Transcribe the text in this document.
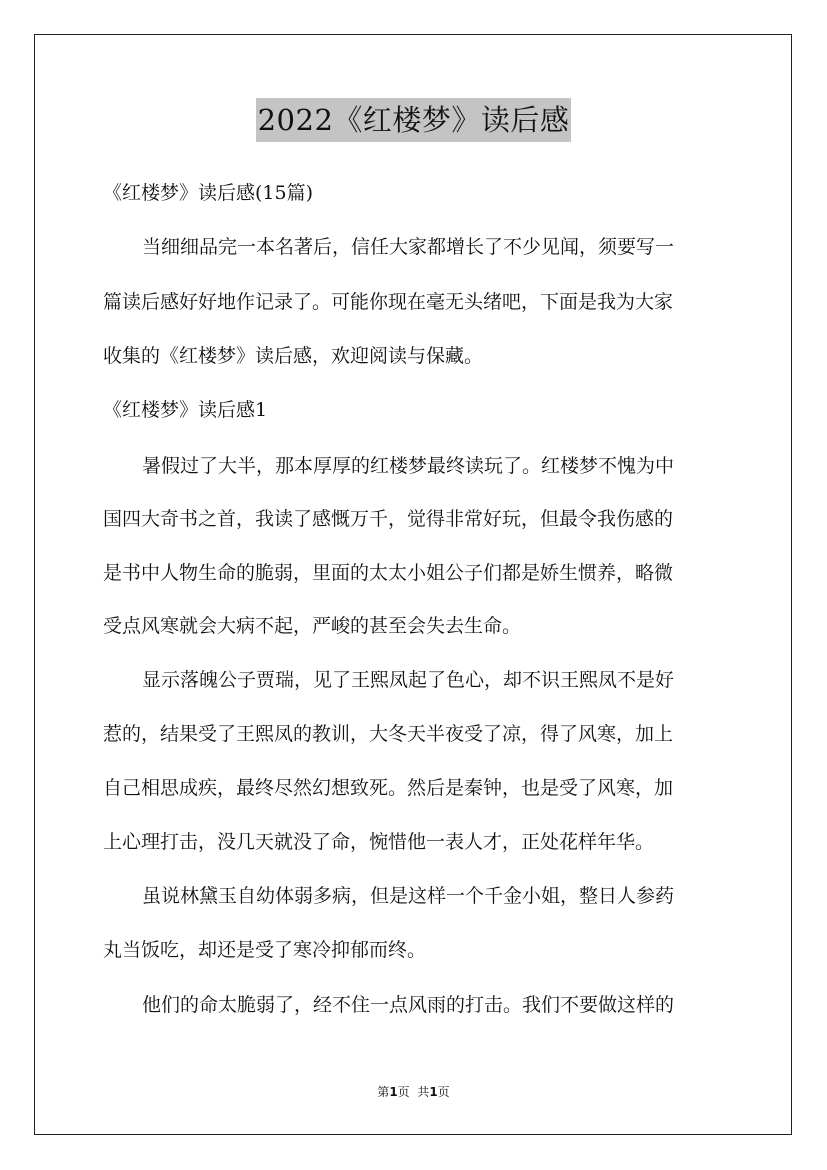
2022《红楼梦》读后感
《红楼梦》读后感(15篇)
当细细品完一本名著后，信任大家都增长了不少见闻，须要写一
篇读后感好好地作记录了。可能你现在毫无头绪吧，下面是我为大家
收集的《红楼梦》读后感，欢迎阅读与保藏。
《红楼梦》读后感1
暑假过了大半，那本厚厚的红楼梦最终读玩了。红楼梦不愧为中
国四大奇书之首，我读了感慨万千，觉得非常好玩，但最令我伤感的
是书中人物生命的脆弱，里面的太太小姐公子们都是娇生惯养，略微
受点风寒就会大病不起，严峻的甚至会失去生命。
显示落魄公子贾瑞，见了王熙凤起了色心，却不识王熙凤不是好
惹的，结果受了王熙凤的教训，大冬天半夜受了凉，得了风寒，加上
自己相思成疾，最终尽然幻想致死。然后是秦钟，也是受了风寒，加
上心理打击，没几天就没了命，惋惜他一表人才，正处花样年华。
虽说林黛玉自幼体弱多病，但是这样一个千金小姐，整日人参药
丸当饭吃，却还是受了寒冷抑郁而终。
他们的命太脆弱了，经不住一点风雨的打击。我们不要做这样的
第1页  共1页
